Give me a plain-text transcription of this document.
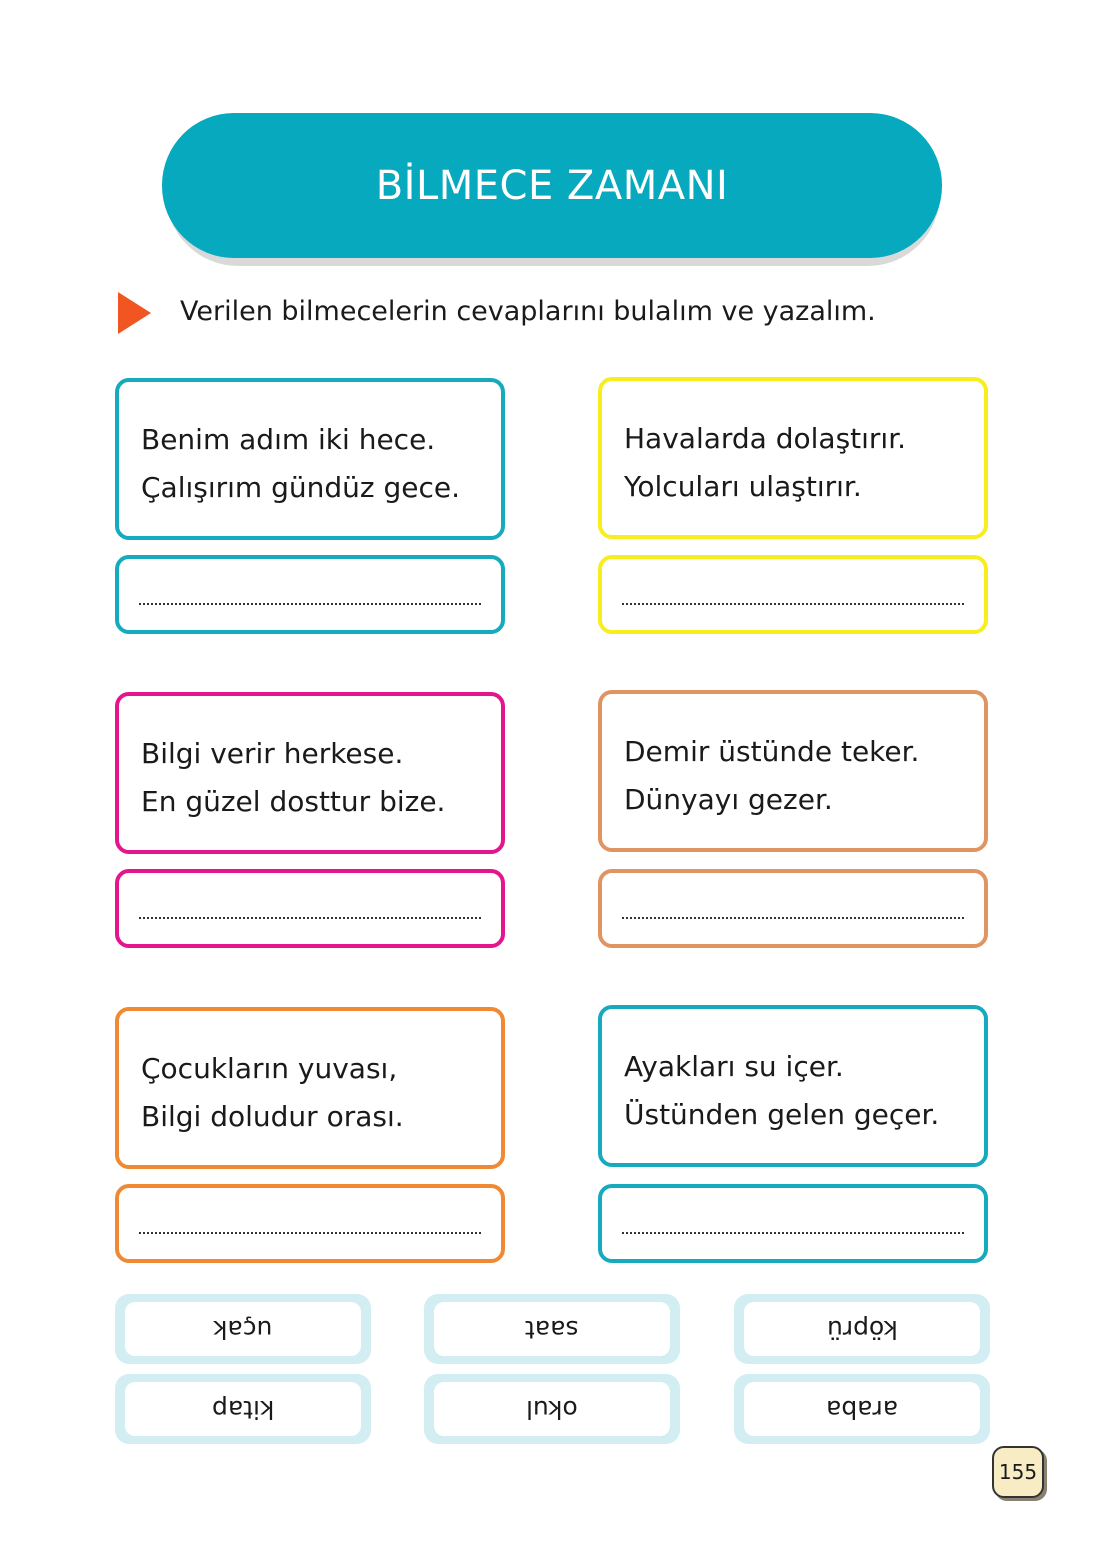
BİLMECE ZAMANI
Verilen bilmecelerin cevaplarını bulalım ve yazalım.
Benim adım iki hece.
Çalışırım gündüz gece.
Havalarda dolaştırır.
Yolcuları ulaştırır.
Bilgi verir herkese.
En güzel dosttur bize.
Demir üstünde teker.
Dünyayı gezer.
Çocukların yuvası,
Bilgi doludur orası.
Ayakları su içer.
Üstünden gelen geçer.
uçak	saat	köprü
kitap	okul	araba
155
